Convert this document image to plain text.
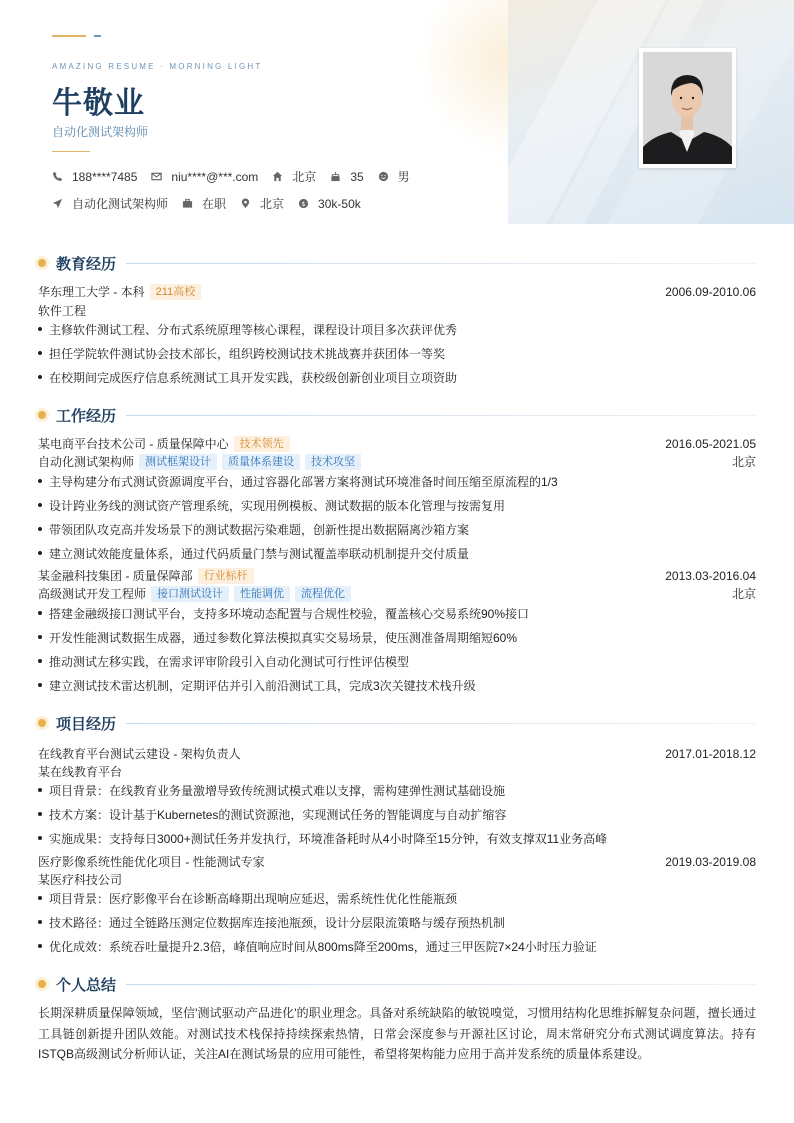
AMAZING RESUME · MORNING LIGHT
牛敬业
自动化测试架构师
188****7485	niu****@***.com	北京	35	男
自动化测试架构师	在职	北京 $ 30k-50k
教育经历
华东理工大学 - 本科	211高校	2006.09-2010.06
软件工程
主修软件测试工程、分布式系统原理等核心课程，课程设计项目多次获评优秀
担任学院软件测试协会技术部长，组织跨校测试技术挑战赛并获团体一等奖
在校期间完成医疗信息系统测试工具开发实践，获校级创新创业项目立项资助
工作经历
某电商平台技术公司 - 质量保障中心	技术领先	2016.05-2021.05
自动化测试架构师	测试框架设计	质量体系建设	技术攻坚	北京
主导构建分布式测试资源调度平台，通过容器化部署方案将测试环境准备时间压缩至原流程的1/3
设计跨业务线的测试资产管理系统，实现用例模板、测试数据的版本化管理与按需复用
带领团队攻克高并发场景下的测试数据污染难题，创新性提出数据隔离沙箱方案
建立测试效能度量体系，通过代码质量门禁与测试覆盖率联动机制提升交付质量
某金融科技集团 - 质量保障部	行业标杆	2013.03-2016.04
高级测试开发工程师	接口测试设计	性能调优	流程优化	北京
搭建金融级接口测试平台，支持多环境动态配置与合规性校验，覆盖核心交易系统90%接口
开发性能测试数据生成器，通过参数化算法模拟真实交易场景，使压测准备周期缩短60%
推动测试左移实践，在需求评审阶段引入自动化测试可行性评估模型
建立测试技术雷达机制，定期评估并引入前沿测试工具，完成3次关键技术栈升级
项目经历
在线教育平台测试云建设 - 架构负责人	2017.01-2018.12
某在线教育平台
项目背景：在线教育业务量激增导致传统测试模式难以支撑，需构建弹性测试基础设施
技术方案：设计基于Kubernetes的测试资源池，实现测试任务的智能调度与自动扩缩容
实施成果：支持每日3000+测试任务并发执行，环境准备耗时从4小时降至15分钟，有效支撑双11业务高峰
医疗影像系统性能优化项目 - 性能测试专家	2019.03-2019.08
某医疗科技公司
项目背景：医疗影像平台在诊断高峰期出现响应延迟，需系统性优化性能瓶颈
技术路径：通过全链路压测定位数据库连接池瓶颈，设计分层限流策略与缓存预热机制
优化成效：系统吞吐量提升2.3倍，峰值响应时间从800ms降至200ms，通过三甲医院7×24小时压力验证
个人总结
长期深耕质量保障领域，坚信'测试驱动产品进化'的职业理念。具备对系统缺陷的敏锐嗅觉，习惯用结构化思维拆解复杂问题，擅长通过工具链创新提升团队效能。对测试技术栈保持持续探索热情，日常会深度参与开源社区讨论，周末常研究分布式测试调度算法。持有ISTQB高级测试分析师认证，关注AI在测试场景的应用可能性，希望将架构能力应用于高并发系统的质量体系建设。
